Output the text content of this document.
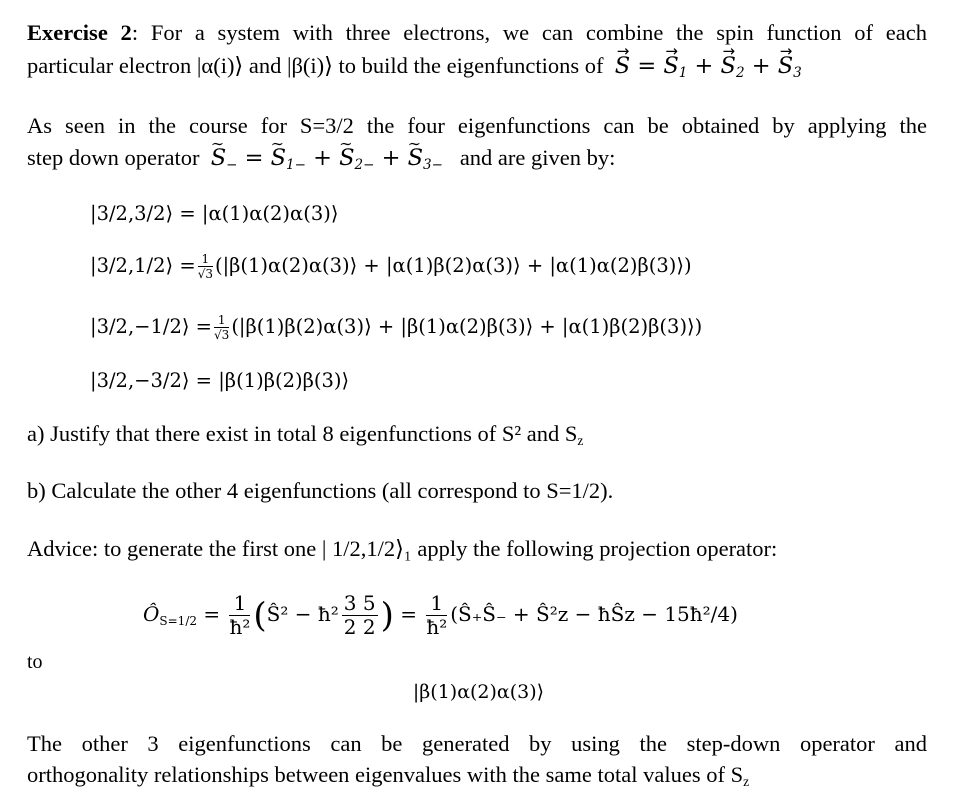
Exercise 2: For a system with three electrons, we can combine the spin function of each

particular electron |α(i)⟩ and |β(i)⟩ to build the eigenfunctions of → S = → $S_1$ + → $S_2$ + → $S_3$

As seen in the course for S=3/2 the four eigenfunctions can be obtained by applying the

step down operator ∼ $S_-$ = ∼ $S_{1-}$ + ∼ $S_{2-}$ + ∼ $S_{3-}$ and are given by:

|3/2,3/2⟩ = |α(1)α(2)α(3)⟩
|3/2,1/2⟩ = $\frac{1}{√3}$ (|β(1)α(2)α(3)⟩ + |α(1)β(2)α(3)⟩ + |α(1)α(2)β(3)⟩)
|3/2,−1/2⟩ = $\frac{1}{√3}$ (|β(1)β(2)α(3)⟩ + |β(1)α(2)β(3)⟩ + |α(1)β(2)β(3)⟩)
|3/2,−3/2⟩ = |β(1)β(2)β(3)⟩

a) Justify that there exist in total 8 eigenfunctions of S² and $S_z$

b) Calculate the other 4 eigenfunctions (all correspond to S=1/2).

Advice: to generate the first one | 1/2,1/2⟩₁ apply the following projection operator:

$Ô_{S=1/2} = \frac{1}{\text{ħ²}}$ (Ŝ² − ħ² $\frac{3 5}{2 2}$ ) = $\frac{1}{\text{ħ²}}$ (Ŝ₊Ŝ₋ + Ŝ²z − ħŜz − 15ħ²/4)
to
|β(1)α(2)α(3)⟩

The other 3 eigenfunctions can be generated by using the step-down operator and

orthogonality relationships between eigenvalues with the same total values of $S_z$
